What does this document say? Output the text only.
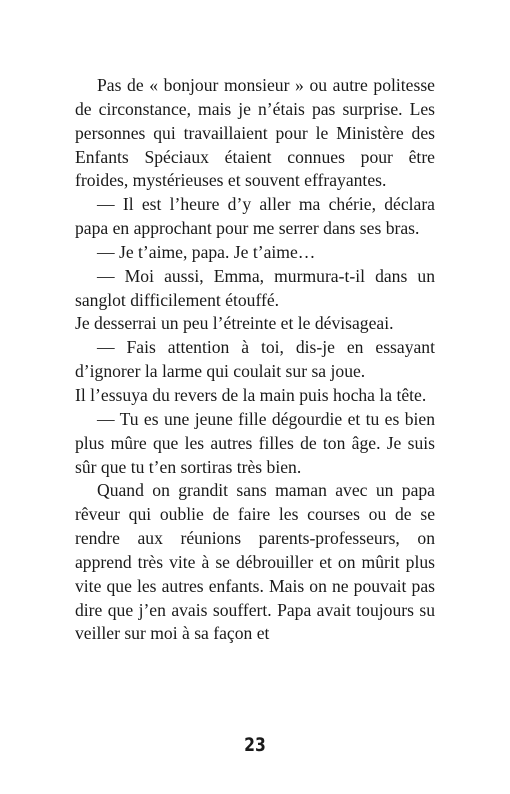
Pas de « bonjour monsieur » ou autre politesse de circonstance, mais je n’étais pas surprise. Les personnes qui travaillaient pour le Ministère des Enfants Spéciaux étaient connues pour être froides, mystérieuses et souvent effrayantes.

— Il est l’heure d’y aller ma chérie, déclara papa en approchant pour me serrer dans ses bras.

— Je t’aime, papa. Je t’aime…

— Moi aussi, Emma, murmura-t-il dans un sanglot difficilement étouffé.

Je desserrai un peu l’étreinte et le dévisageai.

— Fais attention à toi, dis-je en essayant d’ignorer la larme qui coulait sur sa joue.

Il l’essuya du revers de la main puis hocha la tête.

— Tu es une jeune fille dégourdie et tu es bien plus mûre que les autres filles de ton âge. Je suis sûr que tu t’en sortiras très bien.

Quand on grandit sans maman avec un papa rêveur qui oublie de faire les courses ou de se rendre aux réunions parents-professeurs, on apprend très vite à se débrouiller et on mûrit plus vite que les autres enfants. Mais on ne pouvait pas dire que j’en avais souffert. Papa avait toujours su veiller sur moi à sa façon et

23
